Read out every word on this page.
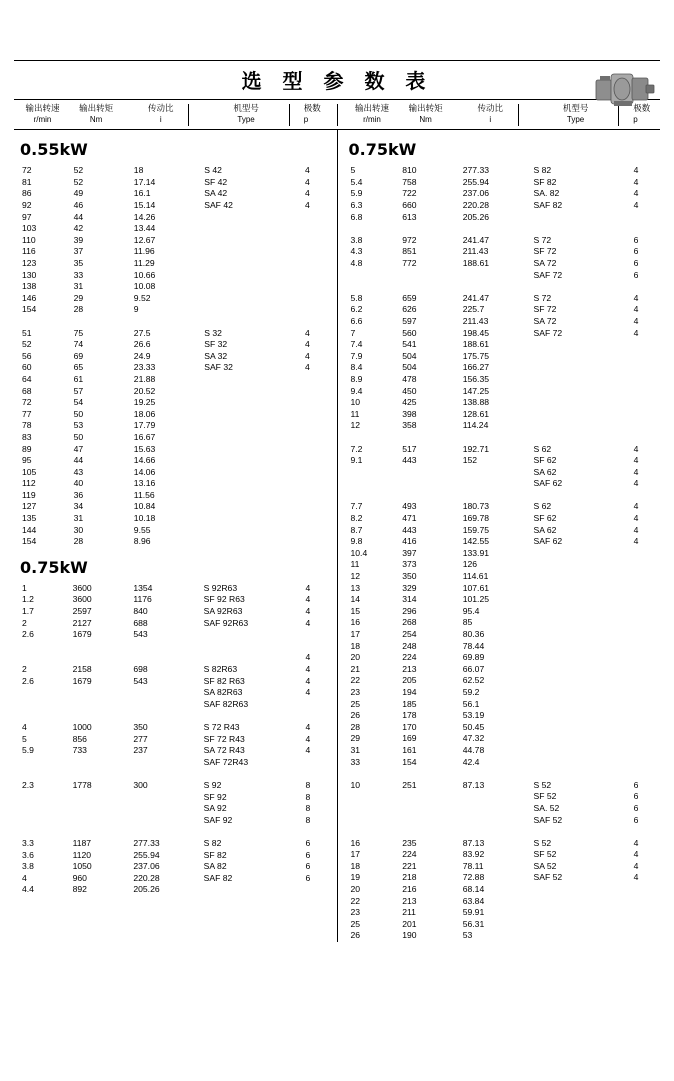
选 型 参 数 表
输出转速
r/min
输出转矩
Nm
传动比
i
机型号
Type
极数
p
输出转速
r/min
输出转矩
Nm
传动比
i
机型号
Type
极数
p
0.55kW
72	52	18	S 42	4
81	52	17.14	SF 42	4
86	49	16.1	SA 42	4
92	46	15.14	SAF 42	4
97	44	14.26		
103	42	13.44		
110	39	12.67		
116	37	11.96		
123	35	11.29		
130	33	10.66		
138	31	10.08		
146	29	9.52		
154	28	9		

51	75	27.5	S 32	4
52	74	26.6	SF 32	4
56	69	24.9	SA 32	4
60	65	23.33	SAF 32	4
64	61	21.88		
68	57	20.52		
72	54	19.25		
77	50	18.06		
78	53	17.79		
83	50	16.67		
89	47	15.63		
95	44	14.66		
105	43	14.06		
112	40	13.16		
119	36	11.56		
127	34	10.84		
135	31	10.18		
144	30	9.55		
154	28	8.96		
0.75kW
1	3600	1354	S 92R63	4
1.2	3600	1176	SF 92 R63	4
1.7	2597	840	SA 92R63	4
2	2127	688	SAF 92R63	4
2.6	1679	543		

				4
2	2158	698	S 82R63	4
2.6	1679	543	SF 82 R63	4
			SA 82R63	4
			SAF 82R63	

4	1000	350	S 72 R43	4
5	856	277	SF 72 R43	4
5.9	733	237	SA 72 R43	4
			SAF 72R43	

2.3	1778	300	S 92	8
			SF 92	8
			SA 92	8
			SAF 92	8

3.3	1187	277.33	S 82	6
3.6	1120	255.94	SF 82	6
3.8	1050	237.06	SA 82	6
4	960	220.28	SAF 82	6
4.4	892	205.26		
0.75kW
5	810	277.33	S 82	4
5.4	758	255.94	SF 82	4
5.9	722	237.06	SA. 82	4
6.3	660	220.28	SAF 82	4
6.8	613	205.26		

3.8	972	241.47	S 72	6
4.3	851	211.43	SF 72	6
4.8	772	188.61	SA 72	6
			SAF 72	6

5.8	659	241.47	S 72	4
6.2	626	225.7	SF 72	4
6.6	597	211.43	SA 72	4
7	560	198.45	SAF 72	4
7.4	541	188.61		
7.9	504	175.75		
8.4	504	166.27		
8.9	478	156.35		
9.4	450	147.25		
10	425	138.88		
11	398	128.61		
12	358	114.24		

7.2	517	192.71	S 62	4
9.1	443	152	SF 62	4
			SA 62	4
			SAF 62	4

7.7	493	180.73	S 62	4
8.2	471	169.78	SF 62	4
8.7	443	159.75	SA 62	4
9.8	416	142.55	SAF 62	4
10.4	397	133.91		
11	373	126		
12	350	114.61		
13	329	107.61		
14	314	101.25		
15	296	95.4		
16	268	85		
17	254	80.36		
18	248	78.44		
20	224	69.89		
21	213	66.07		
22	205	62.52		
23	194	59.2		
25	185	56.1		
26	178	53.19		
28	170	50.45		
29	169	47.32		
31	161	44.78		
33	154	42.4		

10	251	87.13	S 52	6
			SF 52	6
			SA. 52	6
			SAF 52	6

16	235	87.13	S 52	4
17	224	83.92	SF 52	4
18	221	78.11	SA 52	4
19	218	72.88	SAF 52	4
20	216	68.14		
22	213	63.84		
23	211	59.91		
25	201	56.31		
26	190	53		
